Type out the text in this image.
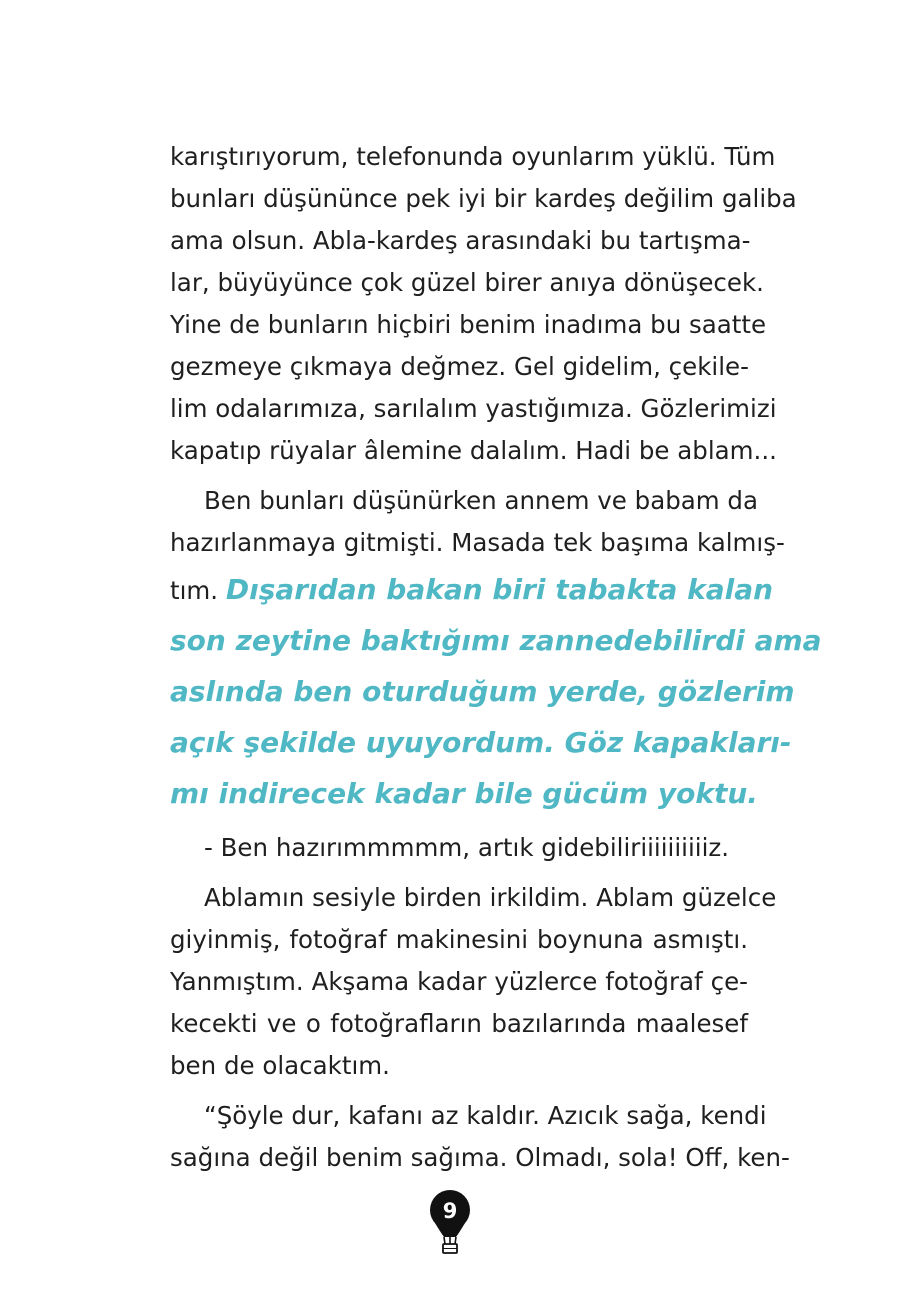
karıştırıyorum, telefonunda oyunlarım yüklü. Tüm
bunları düşününce pek iyi bir kardeş değilim galiba
ama olsun. Abla-kardeş arasındaki bu tartışma-
lar, büyüyünce çok güzel birer anıya dönüşecek.
Yine de bunların hiçbiri benim inadıma bu saatte
gezmeye çıkmaya değmez. Gel gidelim, çekile-
lim odalarımıza, sarılalım yastığımıza. Gözlerimizi
kapatıp rüyalar âlemine dalalım. Hadi be ablam...
Ben bunları düşünürken annem ve babam da
hazırlanmaya gitmişti. Masada tek başıma kalmış-
tım. Dışarıdan bakan biri tabakta kalan
son zeytine baktığımı zannedebilirdi ama
aslında ben oturduğum yerde, gözlerim
açık şekilde uyuyordum. Göz kapakları-
mı indirecek kadar bile gücüm yoktu.
- Ben hazırımmmmm, artık gidebiliriiiiiiiiiiz.
Ablamın sesiyle birden irkildim. Ablam güzelce
giyinmiş, fotoğraf makinesini boynuna asmıştı.
Yanmıştım. Akşama kadar yüzlerce fotoğraf çe-
kecekti ve o fotoğrafların bazılarında maalesef
ben de olacaktım.
“Şöyle dur, kafanı az kaldır. Azıcık sağa, kendi
sağına değil benim sağıma. Olmadı, sola! Off, ken-
9
